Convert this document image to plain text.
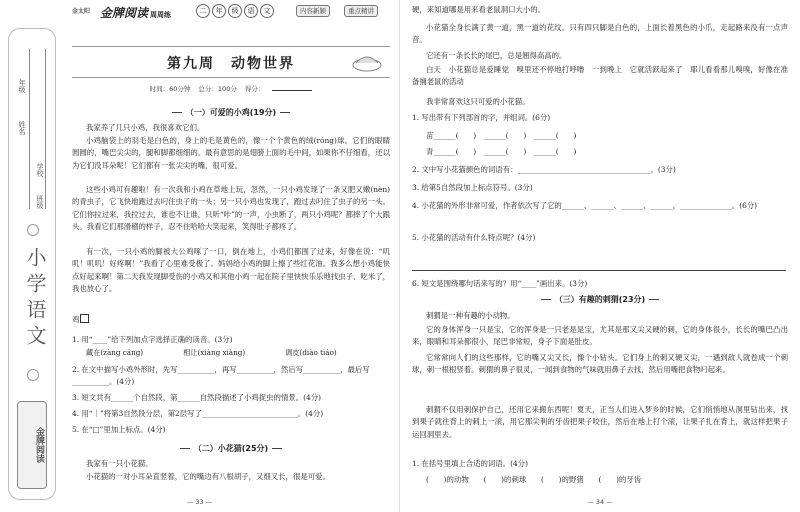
年级
姓名
学校
班级
小学语文
金牌阅读
金太阳 金牌阅读 周周练	二	年	级	语	文	内容新颖	重点精讲
第九周　动物世界
时间：60分钟 总分：100分 得分：
（一）可爱的小鸡(19分)
我家养了几只小鸡，我很喜欢它们。
小鸡脑袋上的羽毛是白色的，身上的毛是黄色的，像一个个黄色的绒(róng)球。它们的眼睛圆圆的，嘴巴尖尖的，腿和脚都细细的。最有意思的是翅膀上面的毛中间，如果你不仔细看，还以为它们没耳朵呢！它们都有一张尖尖的嘴，很可爱。
这些小鸡可有趣啦！有一次我和小鸡在草地上玩，忽然，一只小鸡发现了一条又肥又嫩(nèn)的青虫子，它飞快地跑过去叼住虫子的一头；另一只小鸡也发现了，跑过去叼住了虫子的另一头。它们你拉过来，我拉过去，谁也不让谁，只听“咔”的一声，小虫断了，两只小鸡呢？都摔了个大跟头。我看它们那滑稽的样子，忍不住哈哈大笑起来，笑得肚子都疼了。
有一次，一只小鸡的脚被大公鸡啄了一口，倒在地上，小鸡们都围了过来，好像在说：“叽叽！叽叽！好疼啊！”我看了心里难受极了。妈妈给小鸡的脚上擦了些红花油。我多么想小鸡能快点好起来啊！第二天我发现脚受伤的小鸡又和其他小鸡一起在院子里快快乐乐地找虫子、吃米了，我也放心了。
鸡
1. 用“____”给下列加点字选择正确的读音。(3分)
藏在(zàng cáng)	相让(xiàng xiàng)	调皮(diào tiáo)
2. 在文中描写小鸡外形时，先写__________，再写__________，然后写__________，最后写__________。(4分)
3. 短文共有______个自然段，第______自然段描述了小鸡捉虫的情景。(4分)
4. 用“｜”将第3自然段分层，第2层写了__________________________。(4分)
5. 在“□”里加上标点。(4分)
（二）小花猫(25分)
我家有一只小花猫。
小花猫的一对小耳朵直竖着，它的嘴边有八根胡子，又细又长，很是可爱。
— 33 —
硬，来知道哪是用来看老鼠洞口大小的。
小花猫全身长满了黄一道，黑一道的花纹。只有四只脚是白色的，上面长着黑色的小爪，走起路来没有一点声音。
它还有一条长长的尾巴，总是翘得高高的。
白天　小花猫总是爱睡觉　嗅里还不停地打呼噜　一到晚上　它就活跃起来了　耶儿看看那儿嗅嗅，好像在准备捕老鼠的活动
我非常喜欢这只可爱的小花猫。
1. 写出带有下列部首的字，并组词。(6分)
苗______(　　)　______(　　)　______(　　)
青______(　　)　______(　　)　______(　　)
2. 文中写小花猫颜色的词语有：____________________________________。(3分)
3. 给第5自然段加上标点符号。(3分)
4. 小花猫的外形非常可爱，作者依次写了它的______、______、______、______，______________。(6分)
5. 小花猫的活动有什么特点呢？(4分)
6. 短文是围绕哪句话来写的？用“____”画出来。(3分)
（三）有趣的刺猬(23分)
刺猬是一种有趣的小动物。
它的身体浑身一只是宝，它的浑身是一只老是是宝，尤其是那又尖又硬的刺，它的身体很小，长长的嘴巴凸出来，眼睛和耳朵都很小，尾巴非常短，身子下面是肚皮。
它常常向人们的这些那样，它的嘴又尖又长，像个小钻头。它们身上的刺又硬又尖，一遇到敌人就卷成一个刺球，刺一根根竖着。刺猬的鼻子很灵，一闻到食物的气味就用鼻子去找，然后用嘴把食物叼起来。
刺猬不仅用刺保护自己，还用它来搬东西呢！夏天，正当人们进入梦乡的时候，它们悄悄地从洞里钻出来，找到果子就往背上的刺上一滚，用它那尖利的牙齿把果子咬住，然后在地上打个滚，让果子扎在背上，就这样把果子运回洞里去。
1. 在括号里填上合适的词语。(4分)
(　　)的动物　　(　　)的刺球　　(　　)的野猪　　(　　)的牙齿
— 34 —
